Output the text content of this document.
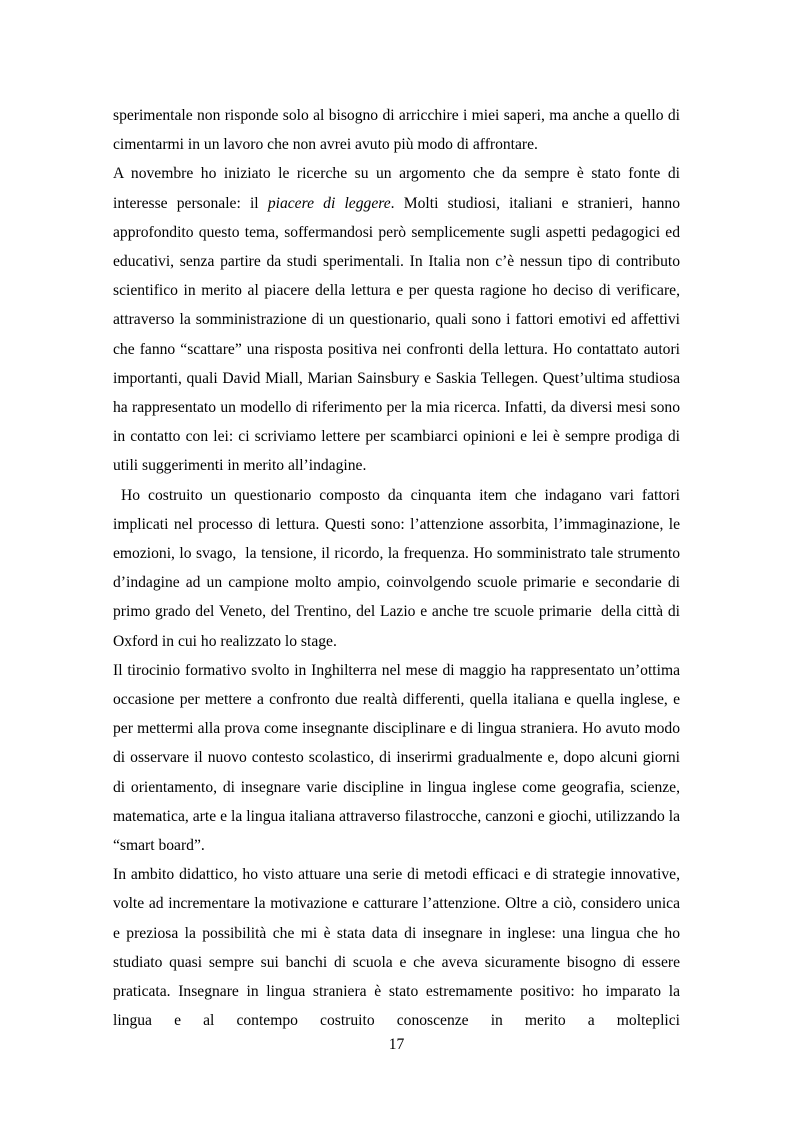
sperimentale non risponde solo al bisogno di arricchire i miei saperi, ma anche a quello di cimentarmi in un lavoro che non avrei avuto più modo di affrontare.

A novembre ho iniziato le ricerche su un argomento che da sempre è stato fonte di interesse personale: il piacere di leggere. Molti studiosi, italiani e stranieri, hanno approfondito questo tema, soffermandosi però semplicemente sugli aspetti pedagogici ed educativi, senza partire da studi sperimentali. In Italia non c’è nessun tipo di contributo scientifico in merito al piacere della lettura e per questa ragione ho deciso di verificare, attraverso la somministrazione di un questionario, quali sono i fattori emotivi ed affettivi che fanno “scattare” una risposta positiva nei confronti della lettura. Ho contattato autori importanti, quali David Miall, Marian Sainsbury e Saskia Tellegen. Quest’ultima studiosa ha rappresentato un modello di riferimento per la mia ricerca. Infatti, da diversi mesi sono in contatto con lei: ci scriviamo lettere per scambiarci opinioni e lei è sempre prodiga di utili suggerimenti in merito all’indagine.

Ho costruito un questionario composto da cinquanta item che indagano vari fattori implicati nel processo di lettura. Questi sono: l’attenzione assorbita, l’immaginazione, le emozioni, lo svago,  la tensione, il ricordo, la frequenza. Ho somministrato tale strumento d’indagine ad un campione molto ampio, coinvolgendo scuole primarie e secondarie di primo grado del Veneto, del Trentino, del Lazio e anche tre scuole primarie  della città di Oxford in cui ho realizzato lo stage.

Il tirocinio formativo svolto in Inghilterra nel mese di maggio ha rappresentato un’ottima occasione per mettere a confronto due realtà differenti, quella italiana e quella inglese, e per mettermi alla prova come insegnante disciplinare e di lingua straniera. Ho avuto modo di osservare il nuovo contesto scolastico, di inserirmi gradualmente e, dopo alcuni giorni di orientamento, di insegnare varie discipline in lingua inglese come geografia, scienze, matematica, arte e la lingua italiana attraverso filastrocche, canzoni e giochi, utilizzando la “smart board”.

In ambito didattico, ho visto attuare una serie di metodi efficaci e di strategie innovative, volte ad incrementare la motivazione e catturare l’attenzione. Oltre a ciò, considero unica e preziosa la possibilità che mi è stata data di insegnare in inglese: una lingua che ho studiato quasi sempre sui banchi di scuola e che aveva sicuramente bisogno di essere praticata. Insegnare in lingua straniera è stato estremamente positivo: ho imparato la lingua e al contempo costruito conoscenze in merito a molteplici

17
